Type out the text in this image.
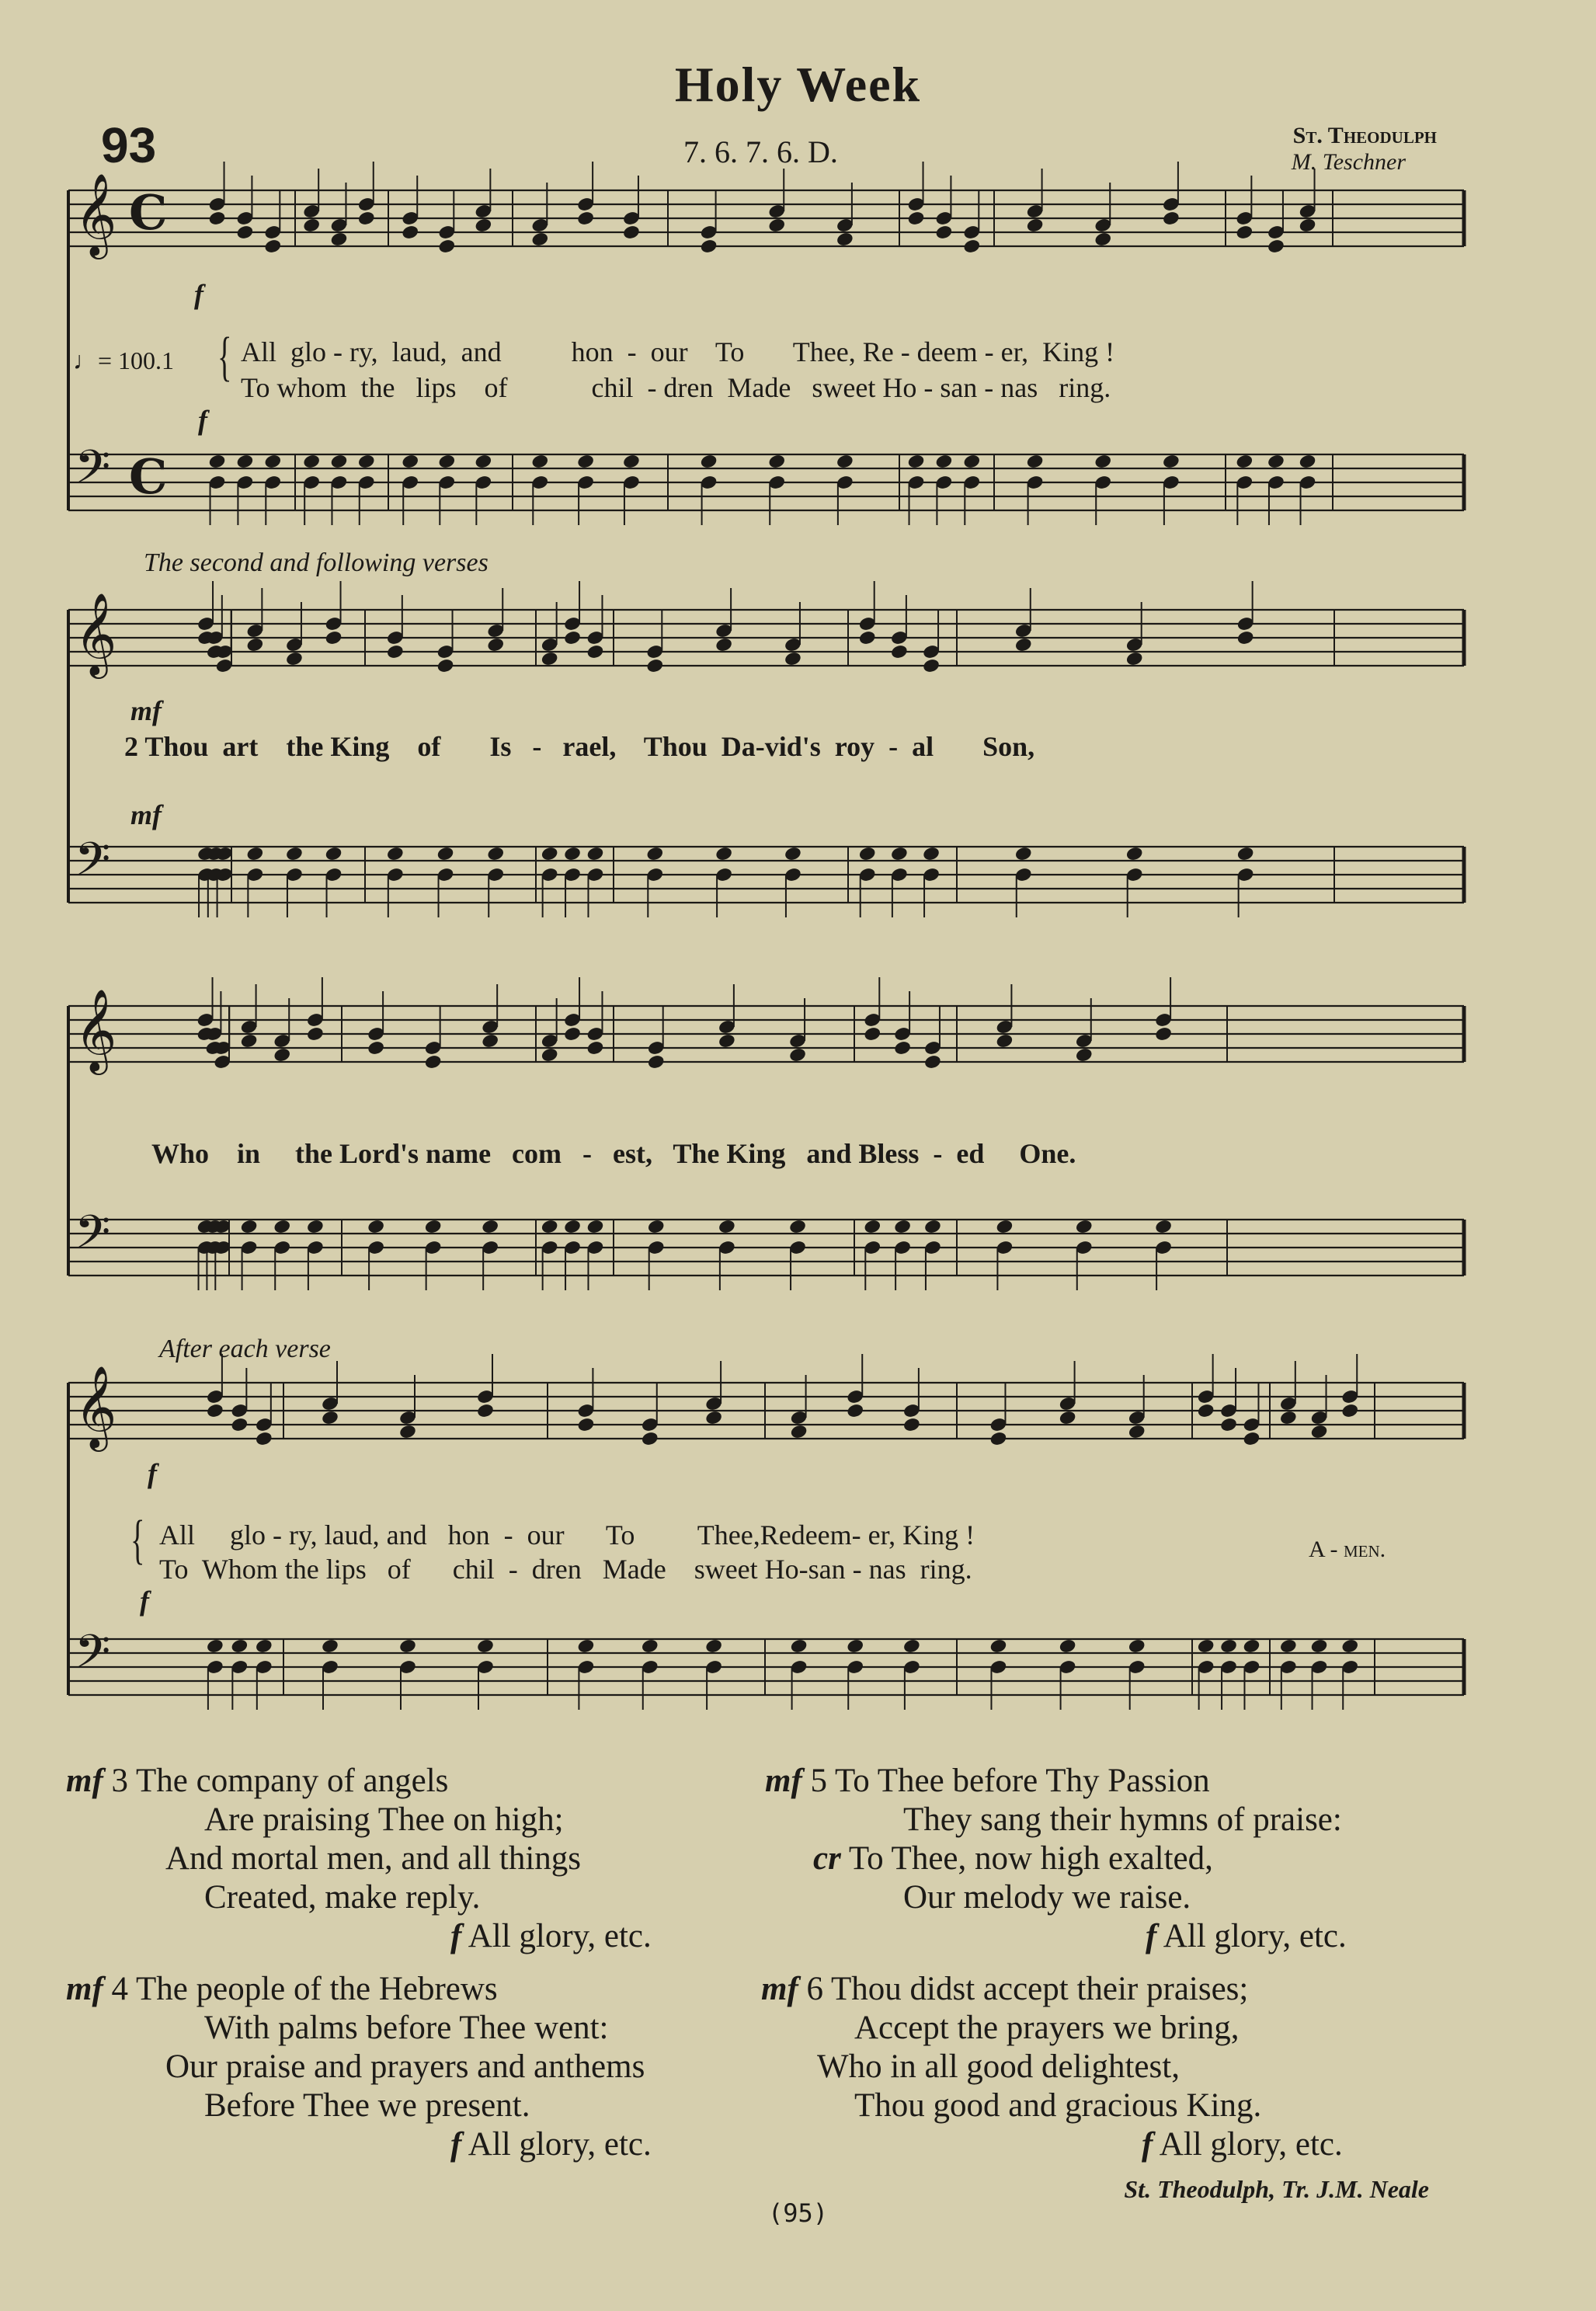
Holy Week
93	7. 6. 7. 6. D.	St. Theodulph
M. Teschner
𝄞 C
𝄢 C
𝄞
𝄢
𝄞
𝄢
𝄞
𝄢
f
♩= 100.1 { All  glo - ry,  laud,  and          hon  -  our    To       Thee, Re - deem - er,  King !
To whom  the   lips    of            chil  - dren  Made   sweet Ho - san - nas   ring.
f
The second and following verses
mf
2 Thou  art    the King    of       Is   -   rael,    Thou  Da-vid's  roy  -  al       Son,
mf
Who    in     the Lord's name   com   -   est,   The King   and Bless  -  ed     One.
After each verse
f
{ All     glo - ry, laud, and   hon  -  our      To         Thee,Redeem- er, King !
To  Whom the lips   of      chil  -  dren   Made    sweet Ho-san - nas  ring.
A - men.
f
mf 3 The company of angels
Are praising Thee on high;
And mortal men, and all things
Created, make reply.
f All glory, etc.
mf 4 The people of the Hebrews
With palms before Thee went:
Our praise and prayers and anthems
Before Thee we present.
f All glory, etc.
mf 5 To Thee before Thy Passion
They sang their hymns of praise:
cr To Thee, now high exalted,
Our melody we raise.
f All glory, etc.
mf 6 Thou didst accept their praises;
Accept the prayers we bring,
Who in all good delightest,
Thou good and gracious King.
f All glory, etc.
St. Theodulph, Tr. J.M. Neale
(95)
